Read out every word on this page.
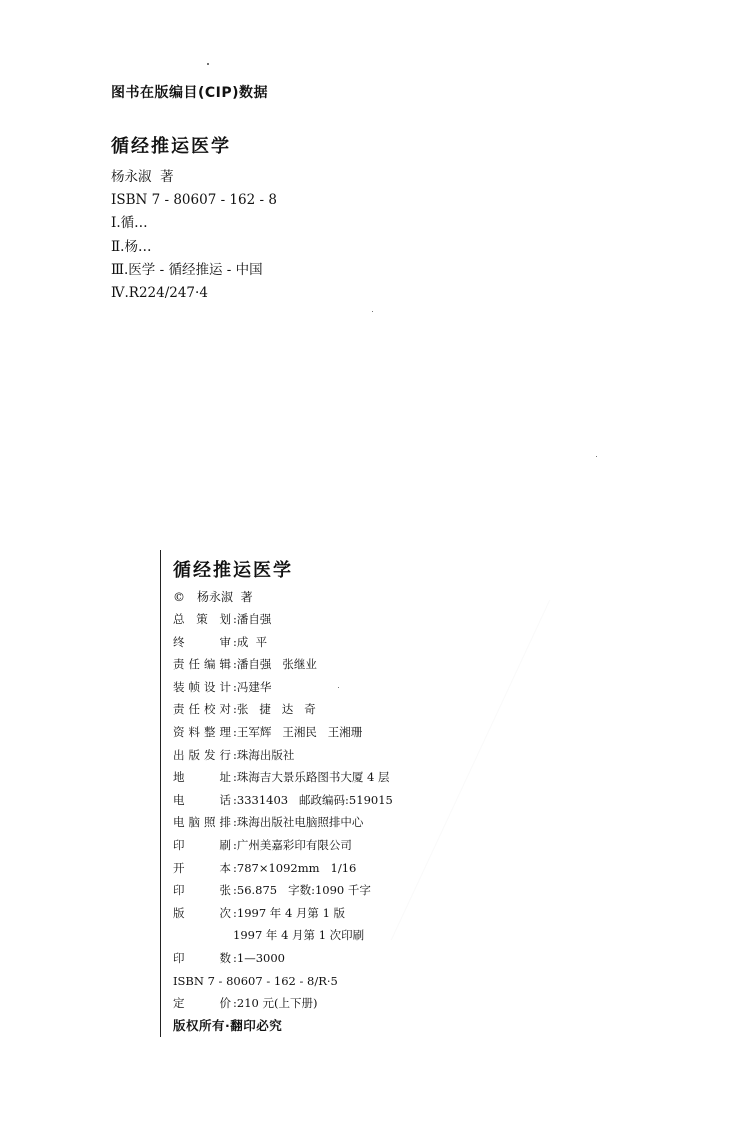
图书在版编目(CIP)数据
循经推运医学
杨永淑  著
ISBN 7 - 80607 - 162 - 8
Ⅰ.循…
Ⅱ.杨…
Ⅲ.医学 - 循经推运 - 中国
Ⅳ.R224/247·4
循经推运医学
© 杨永淑  著
总 策 划 :潘自强
终  审 :成  平
责任编辑 :潘自强   张继业
装帧设计 :冯建华
责任校对 :张   捷   达   奇
资料整理 :王军辉   王湘民   王湘珊
出版发行 :珠海出版社
地  址 :珠海吉大景乐路图书大厦 4 层
电  话 :3331403   邮政编码:519015
电脑照排 :珠海出版社电脑照排中心
印  刷 :广州美嘉彩印有限公司
开  本 :787×1092mm   1/16
印  张 :56.875   字数:1090 千字
版  次 :1997 年 4 月第 1 版
1997 年 4 月第 1 次印刷
印  数 :1—3000
ISBN 7 - 80607 - 162 - 8/R·5
定  价 :210 元(上下册)
版权所有·翻印必究
